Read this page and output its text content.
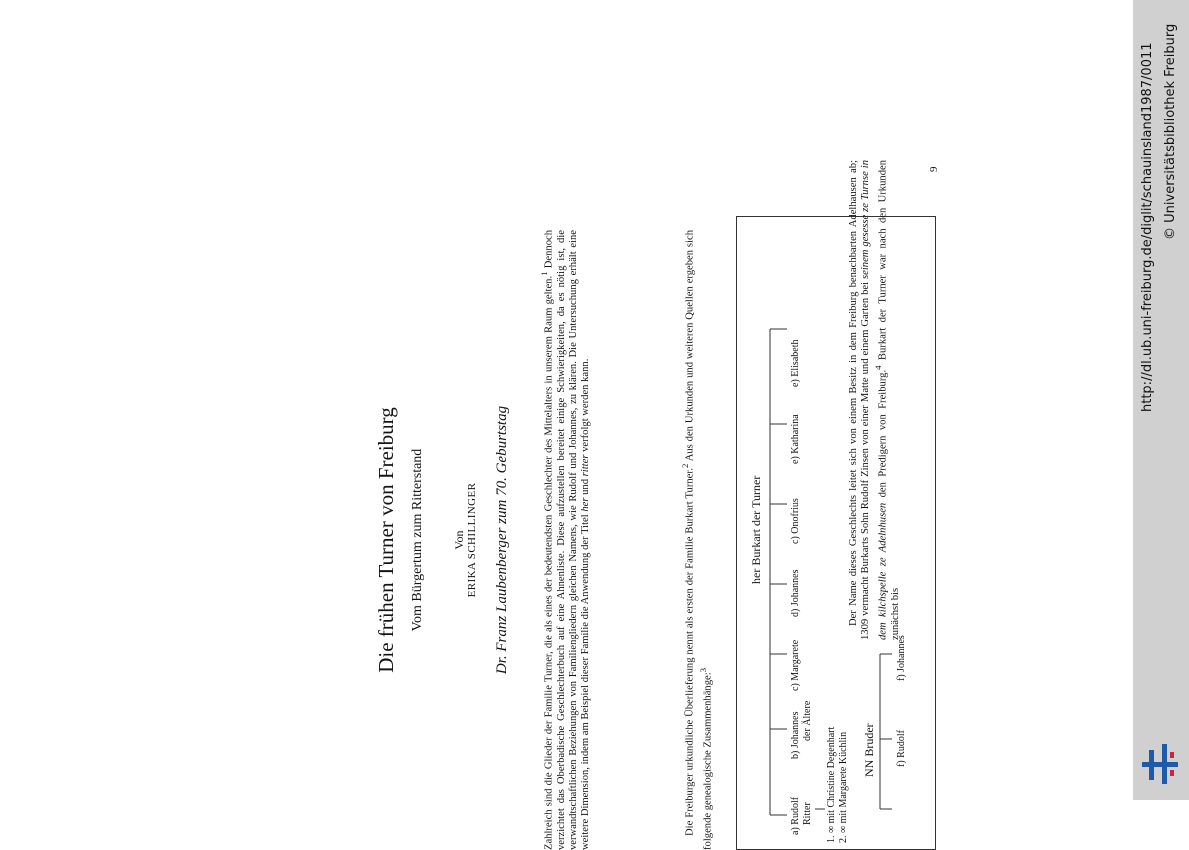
Die frühen Turner von Freiburg Vom Bürgertum zum Ritterstand Von ERIKA SCHILLINGER Dr. Franz Laubenberger zum 70. Geburtstag	Zahlreich sind die Glieder der Familie Turner, die als eines der bedeutendsten Geschlechter des Mittelalters in unserem Raum gelten.$^1$ Dennoch verzichtet das Oberbadische Geschlechterbuch auf eine Ahnenliste. Diese aufzustellen bereitet einige Schwierigkeiten, da es nötig ist, die verwandtschaftlichen Beziehungen von Familiengliedern gleichen Namens, wie Rudolf und Johannes, zu klären. Die Untersuchung erhält eine weitere Dimension, indem am Beispiel dieser Familie die Anwendung der Titel her und ritter verfolgt werden kann.

Die Freiburger urkundliche Überlieferung nennt als ersten der Familie Burkart Turner.$^2$ Aus den Urkunden und weiteren Quellen ergeben sich folgende genealogische Zusammenhänge:$^3$

her Burkart der Turner
a) Rudolf Ritter
b) Johannes der Ältere
c) Margarete
d) Johannes
c) Onofrius
e) Katharina
e) Elisabeth
1. ∞ mit Christine Degenhart 2. ∞ mit Margarete Küchlin NN Bruder f) Rudolf
f) Johannes

Der Name dieses Geschlechts leitet sich von einem Besitz in dem Freiburg benachbarten Adelhausen ab; 1309 vermacht Burkarts Sohn Rudolf Zinsen von einer Matte und einem Garten bei seinem gesesse ze Turnse in dem kilchspelle ze Adelnhusen den Predigern von Freiburg.$^4$ Burkart der Turner war nach den Urkunden zunächst bis

9	http://dl.ub.uni-freiburg.de/diglit/schauinsland1987/0011 © Universitätsbibliothek Freiburg
